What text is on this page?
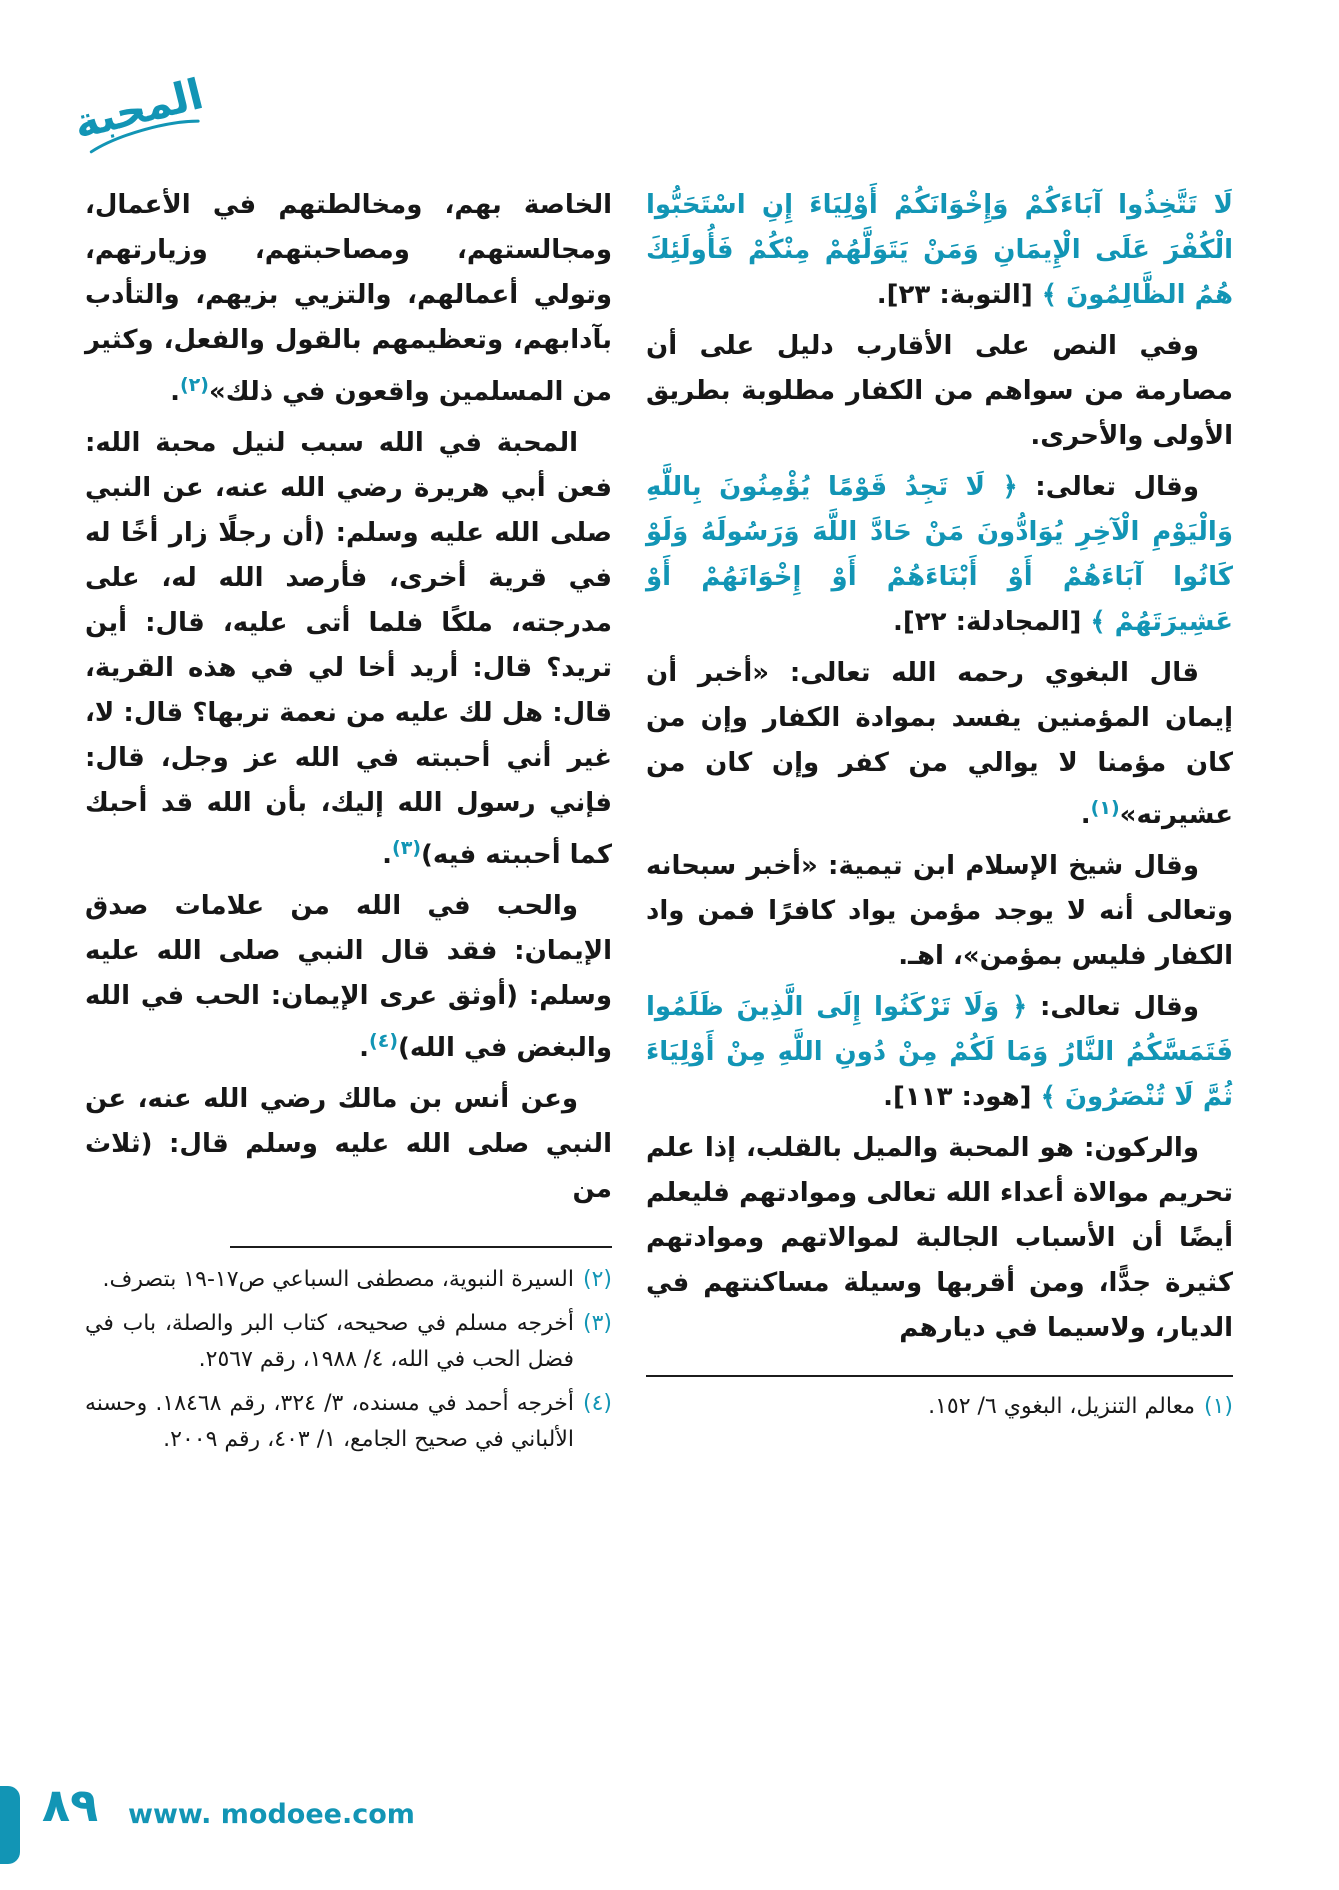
المحبة

لَا تَتَّخِذُوا آبَاءَكُمْ وَإِخْوَانَكُمْ أَوْلِيَاءَ إِنِ اسْتَحَبُّوا الْكُفْرَ عَلَى الْإِيمَانِ وَمَنْ يَتَوَلَّهُمْ مِنْكُمْ فَأُولَئِكَ هُمُ الظَّالِمُونَ ﴾ [التوبة: ٢٣].

وفي النص على الأقارب دليل على أن مصارمة من سواهم من الكفار مطلوبة بطريق الأولى والأحرى.

وقال تعالى: ﴿ لَا تَجِدُ قَوْمًا يُؤْمِنُونَ بِاللَّهِ وَالْيَوْمِ الْآخِرِ يُوَادُّونَ مَنْ حَادَّ اللَّهَ وَرَسُولَهُ وَلَوْ كَانُوا آبَاءَهُمْ أَوْ أَبْنَاءَهُمْ أَوْ إِخْوَانَهُمْ أَوْ عَشِيرَتَهُمْ ﴾ [المجادلة: ٢٢].

قال البغوي رحمه الله تعالى: «أخبر أن إيمان المؤمنين يفسد بموادة الكفار وإن من كان مؤمنا لا يوالي من كفر وإن كان من عشيرته»$^{(١)}$.

وقال شيخ الإسلام ابن تيمية: «أخبر سبحانه وتعالى أنه لا يوجد مؤمن يواد كافرًا فمن واد الكفار فليس بمؤمن»، اهـ.

وقال تعالى: ﴿ وَلَا تَرْكَنُوا إِلَى الَّذِينَ ظَلَمُوا فَتَمَسَّكُمُ النَّارُ وَمَا لَكُمْ مِنْ دُونِ اللَّهِ مِنْ أَوْلِيَاءَ ثُمَّ لَا تُنْصَرُونَ ﴾ [هود: ١١٣].

والركون: هو المحبة والميل بالقلب، إذا علم تحريم موالاة أعداء الله تعالى وموادتهم فليعلم أيضًا أن الأسباب الجالبة لموالاتهم وموادتهم كثيرة جدًّا، ومن أقربها وسيلة مساكنتهم في الديار، ولاسيما في ديارهم

(١)
معالم التنزيل، البغوي ٦/ ١٥٢.

الخاصة بهم، ومخالطتهم في الأعمال، ومجالستهم، ومصاحبتهم، وزيارتهم، وتولي أعمالهم، والتزيي بزيهم، والتأدب بآدابهم، وتعظيمهم بالقول والفعل، وكثير من المسلمين واقعون في ذلك»$^{(٢)}$.

المحبة في الله سبب لنيل محبة الله: فعن أبي هريرة رضي الله عنه، عن النبي صلى الله عليه وسلم: (أن رجلًا زار أخًا له في قرية أخرى، فأرصد الله له، على مدرجته، ملكًا فلما أتى عليه، قال: أين تريد؟ قال: أريد أخا لي في هذه القرية، قال: هل لك عليه من نعمة تربها؟ قال: لا، غير أني أحببته في الله عز وجل، قال: فإني رسول الله إليك، بأن الله قد أحبك كما أحببته فيه)$^{(٣)}$.

والحب في الله من علامات صدق الإيمان: فقد قال النبي صلى الله عليه وسلم: (أوثق عرى الإيمان: الحب في الله والبغض في الله)$^{(٤)}$.

وعن أنس بن مالك رضي الله عنه، عن النبي صلى الله عليه وسلم قال: (ثلاث من

(٢)
السيرة النبوية، مصطفى السباعي ص١٧-١٩ بتصرف.
(٣)
أخرجه مسلم في صحيحه، كتاب البر والصلة، باب في فضل الحب في الله، ٤/ ١٩٨٨، رقم ٢٥٦٧.
(٤)
أخرجه أحمد في مسنده، ٣/ ٣٢٤، رقم ١٨٤٦٨. وحسنه الألباني في صحيح الجامع، ١/ ٤٠٣، رقم ٢٠٠٩.
٨٩ www. modoee.com
